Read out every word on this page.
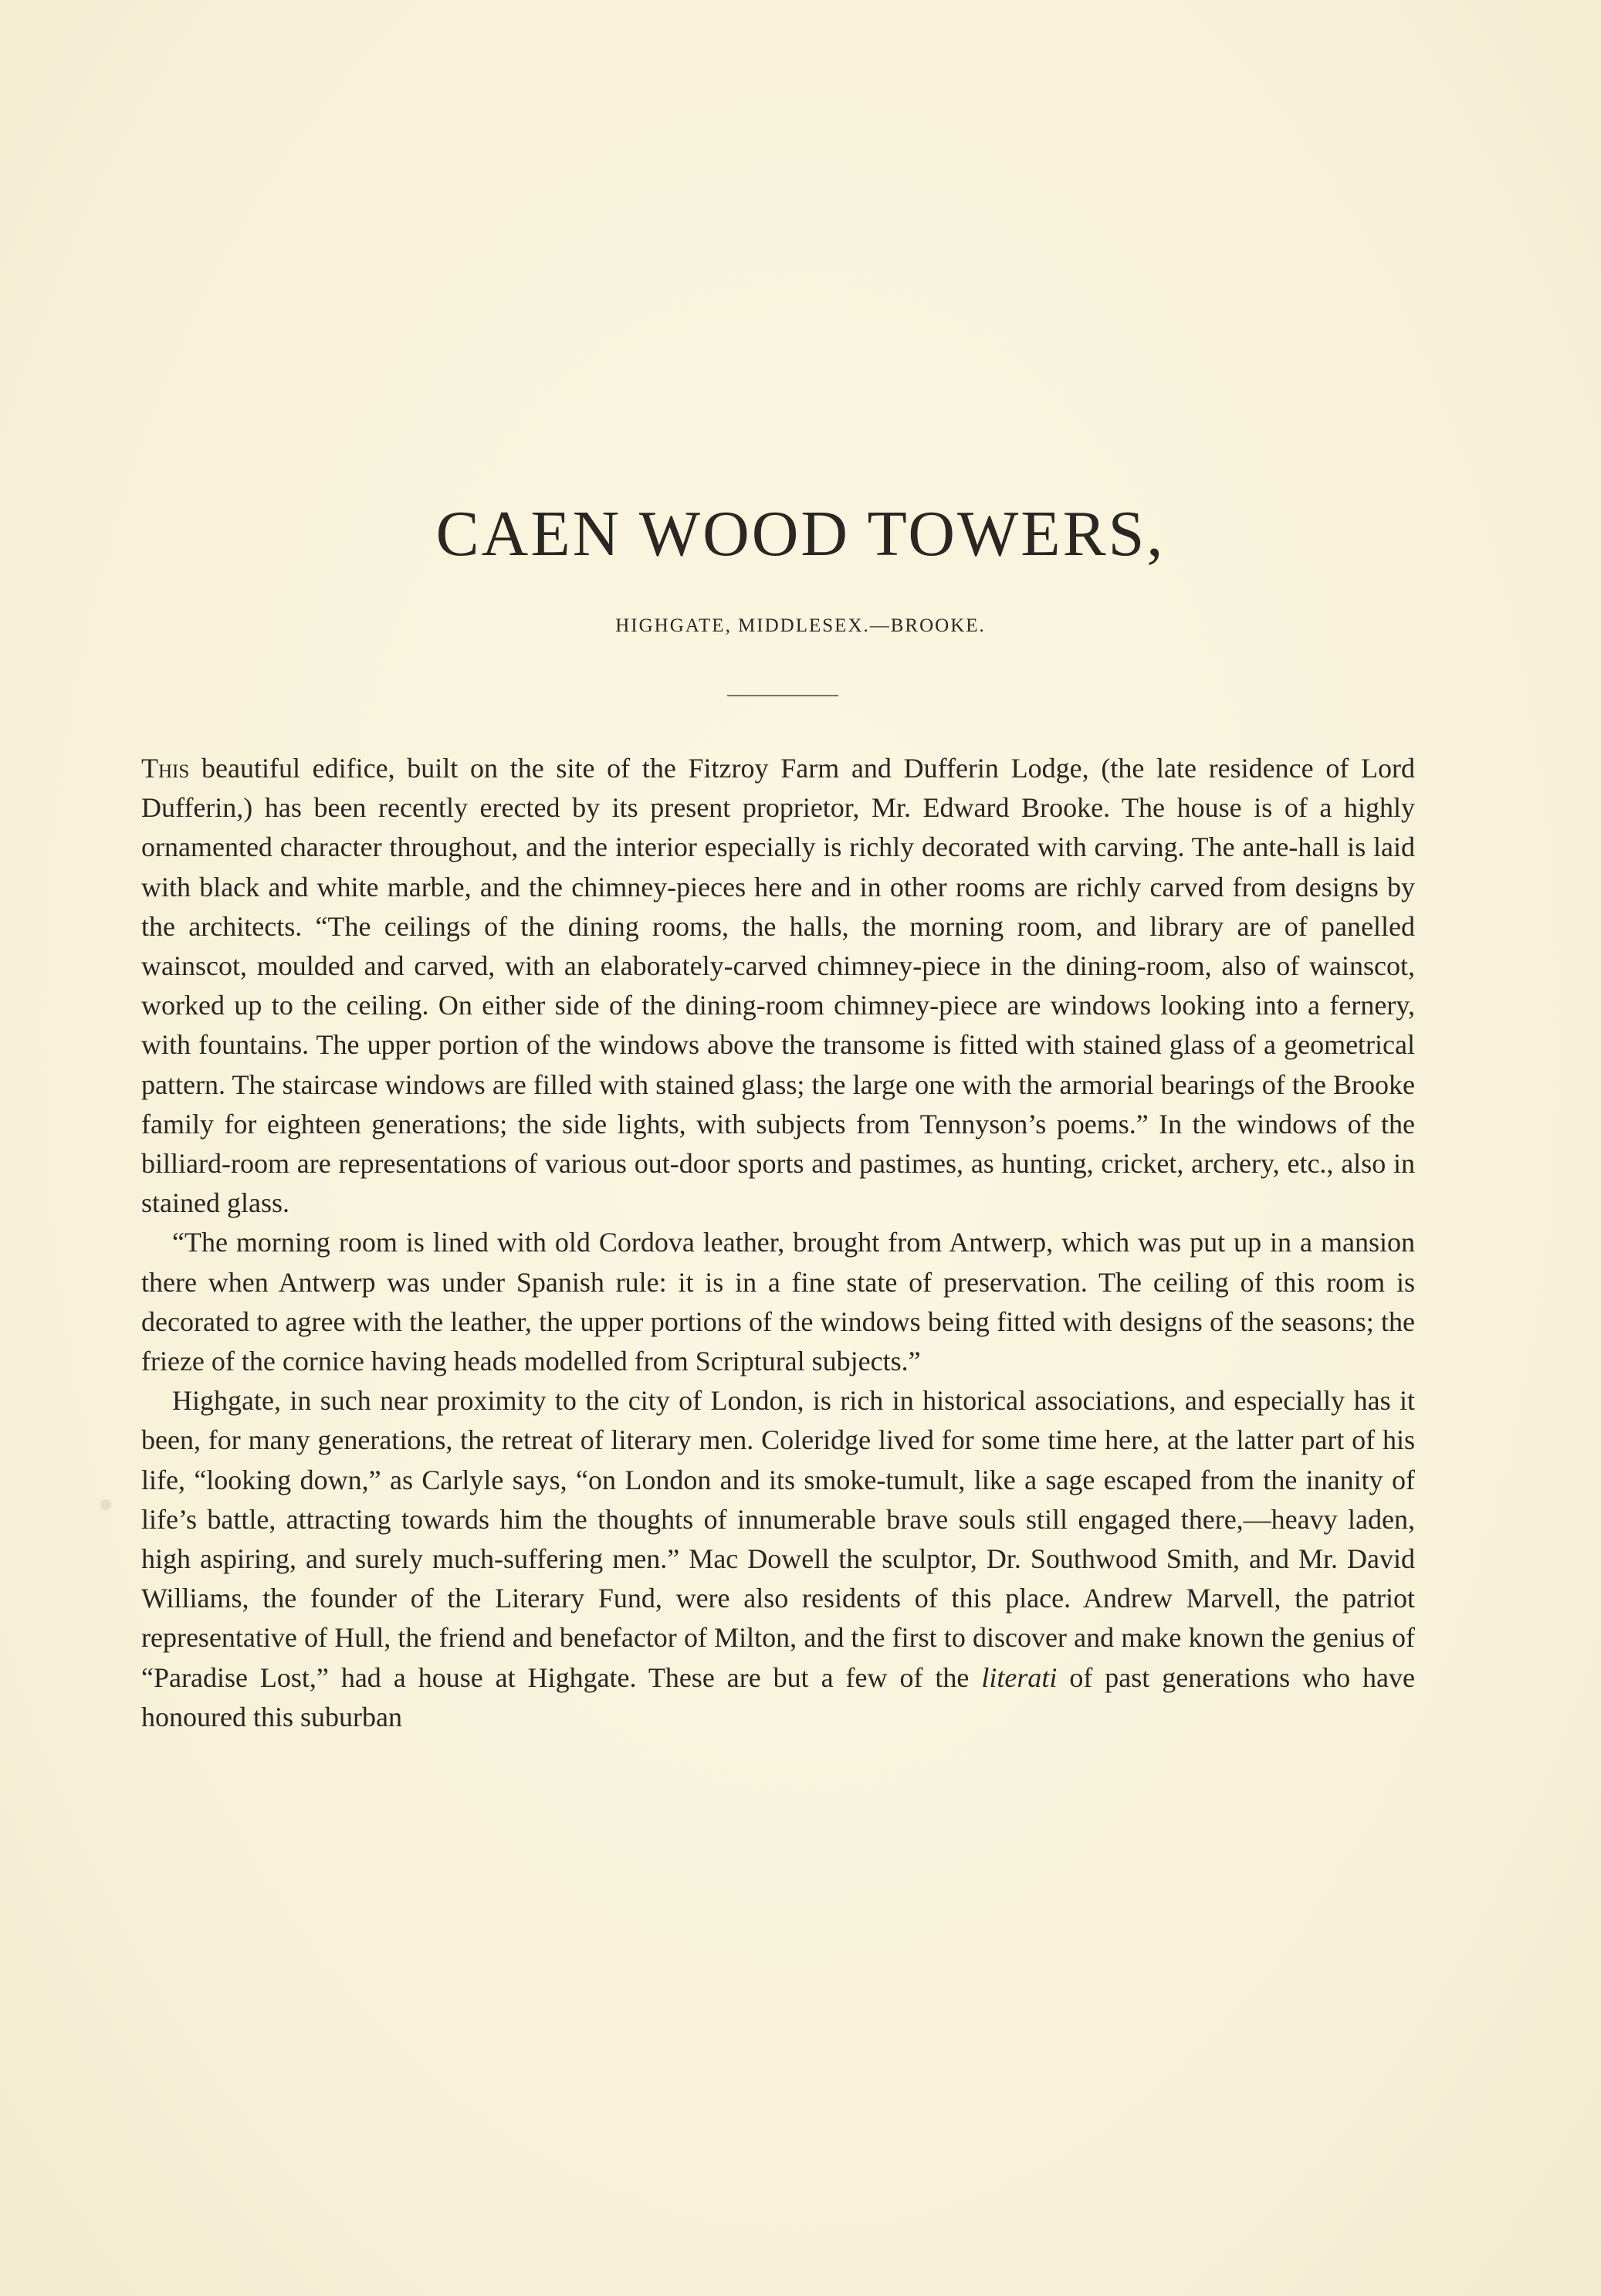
CAEN WOOD TOWERS,
HIGHGATE, MIDDLESEX.—BROOKE.

This beautiful edifice, built on the site of the Fitzroy Farm and Dufferin Lodge, (the late residence of Lord Dufferin,) has been recently erected by its present proprietor, Mr. Edward Brooke. The house is of a highly ornamented character throughout, and the interior especially is richly decorated with carving. The ante-hall is laid with black and white marble, and the chimney-pieces here and in other rooms are richly carved from designs by the architects. “The ceilings of the dining rooms, the halls, the morning room, and library are of panelled wainscot, moulded and carved, with an elaborately-carved chimney-piece in the dining-room, also of wainscot, worked up to the ceiling. On either side of the dining-room chimney-piece are windows looking into a fernery, with fountains. The upper portion of the windows above the transome is fitted with stained glass of a geometrical pattern. The staircase windows are filled with stained glass; the large one with the armorial bearings of the Brooke family for eighteen generations; the side lights, with subjects from Tennyson’s poems.” In the windows of the billiard-room are representations of various out-door sports and pastimes, as hunting, cricket, archery, etc., also in stained glass.

“The morning room is lined with old Cordova leather, brought from Antwerp, which was put up in a mansion there when Antwerp was under Spanish rule: it is in a fine state of preservation. The ceiling of this room is decorated to agree with the leather, the upper portions of the windows being fitted with designs of the seasons; the frieze of the cornice having heads modelled from Scriptural subjects.”

Highgate, in such near proximity to the city of London, is rich in historical associations, and especially has it been, for many generations, the retreat of literary men. Coleridge lived for some time here, at the latter part of his life, “looking down,” as Carlyle says, “on London and its smoke-tumult, like a sage escaped from the inanity of life’s battle, attracting towards him the thoughts of innumerable brave souls still engaged there,—heavy laden, high aspiring, and surely much-suffering men.” Mac Dowell the sculptor, Dr. Southwood Smith, and Mr. David Williams, the founder of the Literary Fund, were also residents of this place. Andrew Marvell, the patriot representative of Hull, the friend and benefactor of Milton, and the first to discover and make known the genius of “Paradise Lost,” had a house at Highgate. These are but a few of the literati of past generations who have honoured this suburban
